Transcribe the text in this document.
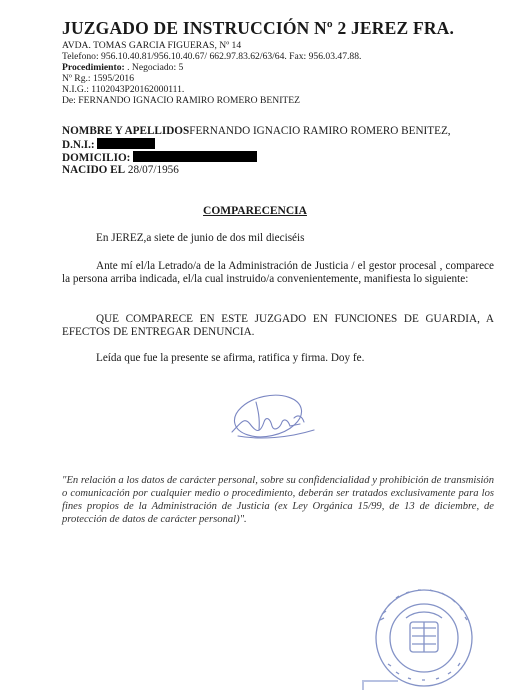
JUZGADO DE INSTRUCCIÓN Nº 2 JEREZ FRA.
AVDA. TOMAS GARCIA FIGUERAS, Nº 14
Telefono: 956.10.40.81/956.10.40.67/ 662.97.83.62/63/64. Fax: 956.03.47.88.
Procedimiento: . Negociado: 5
Nº Rg.: 1595/2016
N.I.G.: 1102043P20162000111.
De: FERNANDO IGNACIO RAMIRO ROMERO BENITEZ
NOMBRE Y APELLIDOSFERNANDO IGNACIO RAMIRO ROMERO BENITEZ,
D.N.I.:
DOMICILIO:
NACIDO EL 28/07/1956
COMPARECENCIA
En JEREZ,a siete de junio de dos mil dieciséis
Ante mí el/la Letrado/a de la Administración de Justicia / el gestor procesal , comparece la persona arriba indicada, el/la cual instruido/a convenientemente, manifiesta lo siguiente:
QUE COMPARECE EN ESTE JUZGADO EN FUNCIONES DE GUARDIA, A EFECTOS DE ENTREGAR DENUNCIA.
Leída que fue la presente se afirma, ratifica y firma. Doy fe.
"En relación a los datos de carácter personal, sobre su confidencialidad y prohibición de transmisión o comunicación por cualquier medio o procedimiento, deberán ser tratados exclusivamente para los fines propios de la Administración de Justicia (ex Ley Orgánica 15/99, de 13 de diciembre, de protección de datos de carácter personal)".
